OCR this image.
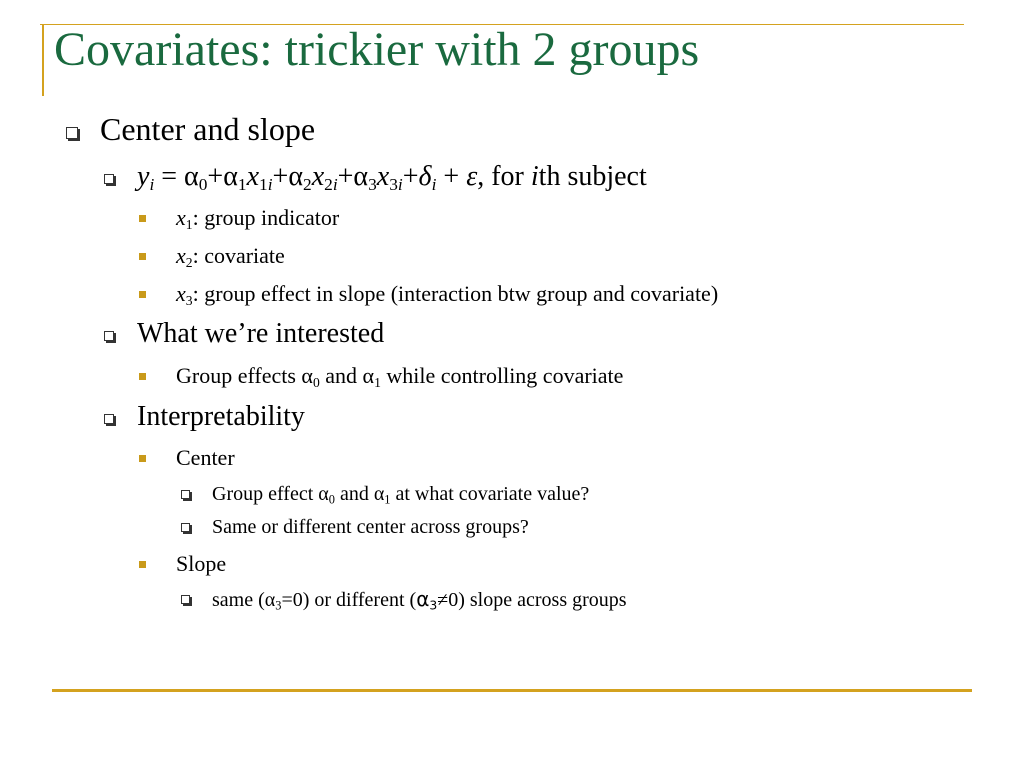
Covariates: trickier with 2 groups
Center and slope
$y_i = \alpha_0+\alpha_1x_{1i}+\alpha_2x_{2i}+\alpha_3x_{3i}+\delta_i + \varepsilon$, for ith subject
$x_1$: group indicator
$x_2$: covariate
$x_3$: group effect in slope (interaction btw group and covariate)
What we’re interested
Group effects $\alpha_0$ and $\alpha_1$ while controlling covariate
Interpretability
Center
Group effect $\alpha_0$ and $\alpha_1$ at what covariate value?
Same or different center across groups?
Slope
same $(\alpha_3=0)$ or different $(\alpha_3\ne 0)$ slope across groups
